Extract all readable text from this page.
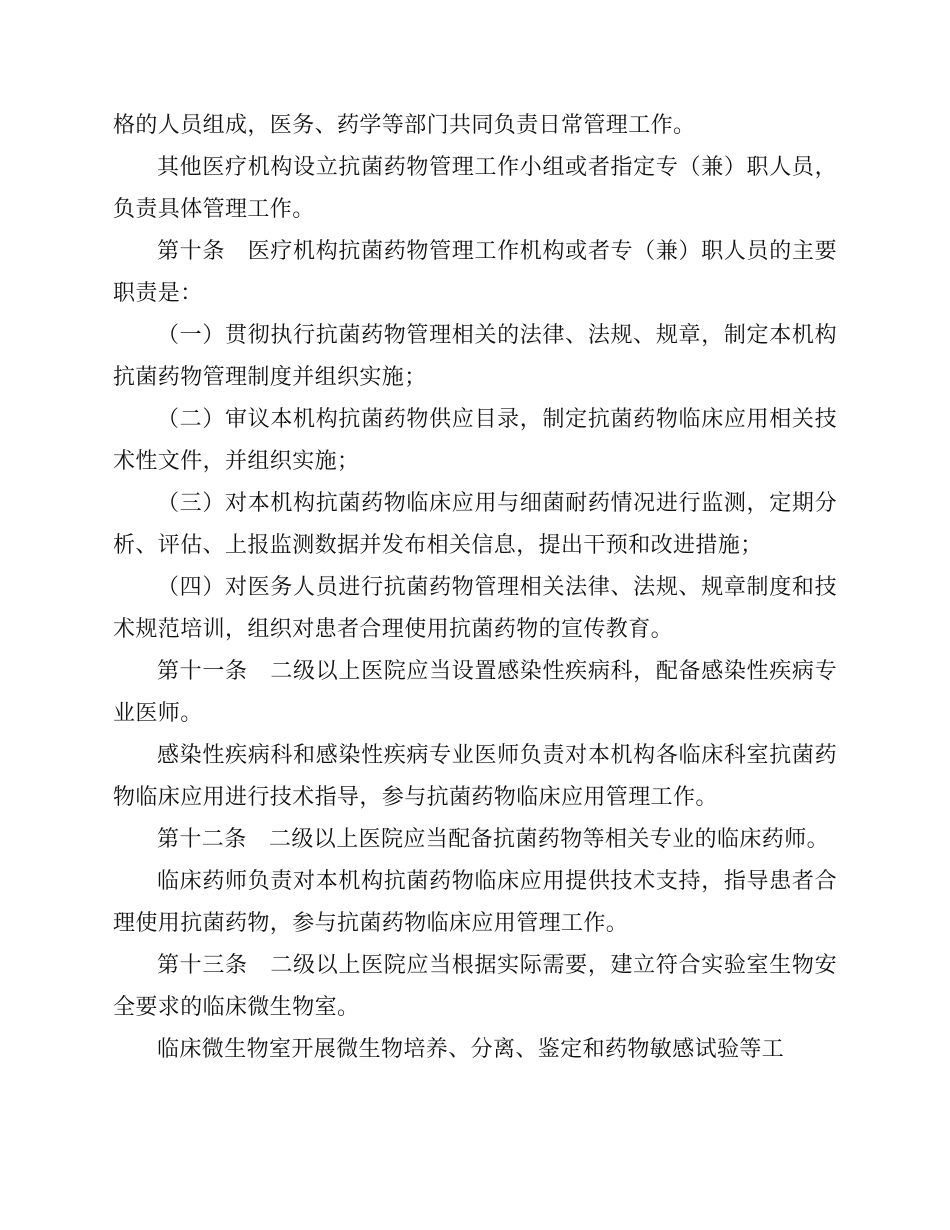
格的人员组成，医务、药学等部门共同负责日常管理工作。

其他医疗机构设立抗菌药物管理工作小组或者指定专（兼）职人员，负责具体管理工作。

第十条　医疗机构抗菌药物管理工作机构或者专（兼）职人员的主要职责是：

（一）贯彻执行抗菌药物管理相关的法律、法规、规章，制定本机构抗菌药物管理制度并组织实施；

（二）审议本机构抗菌药物供应目录，制定抗菌药物临床应用相关技术性文件，并组织实施；

（三）对本机构抗菌药物临床应用与细菌耐药情况进行监测，定期分析、评估、上报监测数据并发布相关信息，提出干预和改进措施；

（四）对医务人员进行抗菌药物管理相关法律、法规、规章制度和技术规范培训，组织对患者合理使用抗菌药物的宣传教育。

第十一条　二级以上医院应当设置感染性疾病科，配备感染性疾病专业医师。

感染性疾病科和感染性疾病专业医师负责对本机构各临床科室抗菌药物临床应用进行技术指导，参与抗菌药物临床应用管理工作。

第十二条　二级以上医院应当配备抗菌药物等相关专业的临床药师。

临床药师负责对本机构抗菌药物临床应用提供技术支持，指导患者合理使用抗菌药物，参与抗菌药物临床应用管理工作。

第十三条　二级以上医院应当根据实际需要，建立符合实验室生物安全要求的临床微生物室。

临床微生物室开展微生物培养、分离、鉴定和药物敏感试验等工
